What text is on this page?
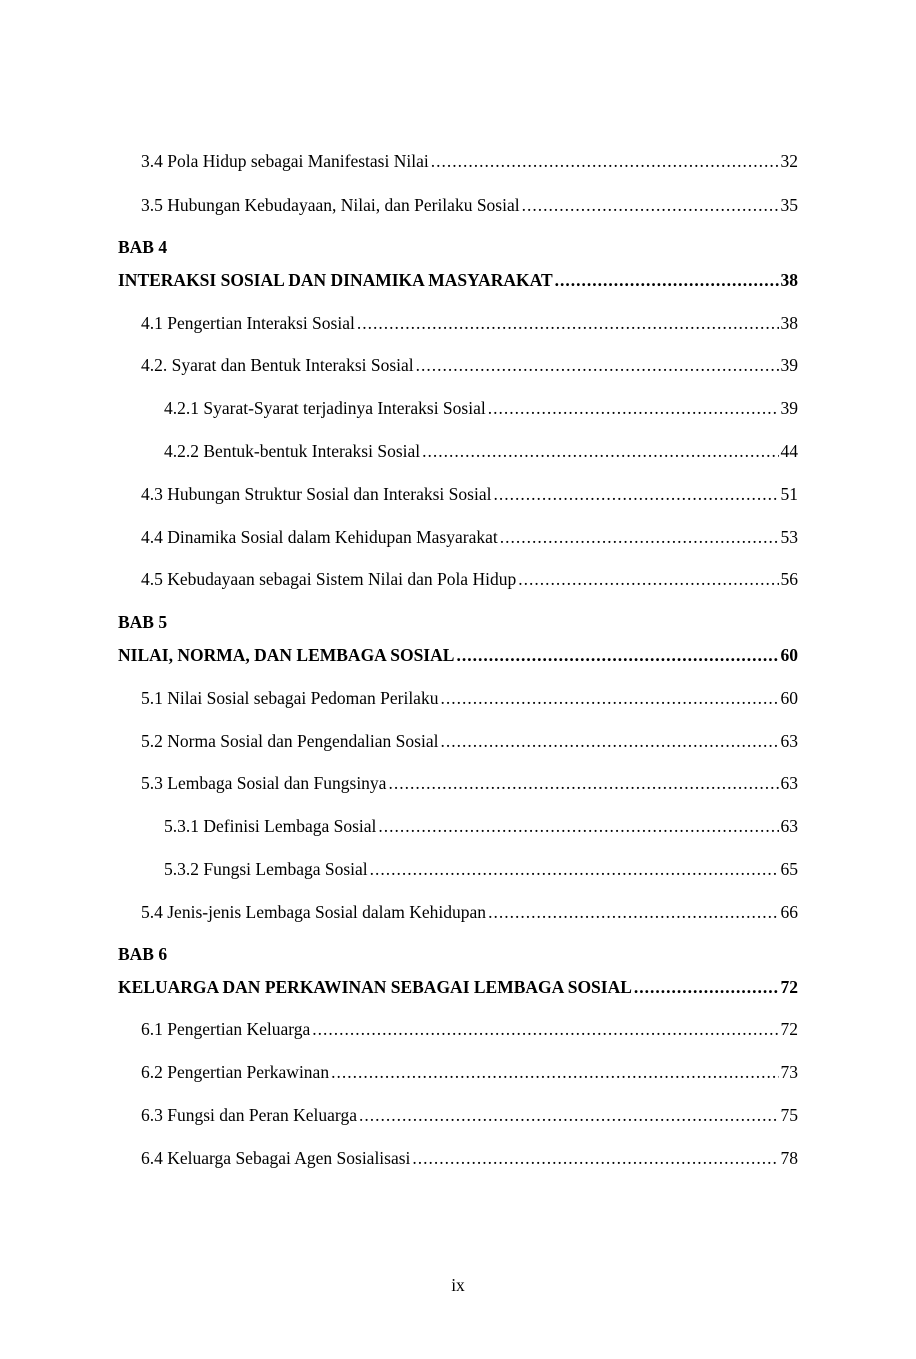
3.4 Pola Hidup sebagai Manifestasi Nilai .....	32
3.5 Hubungan Kebudayaan, Nilai, dan Perilaku Sosial .....	35
BAB 4
INTERAKSI SOSIAL DAN DINAMIKA MASYARAKAT .....	38
4.1 Pengertian Interaksi Sosial .....	38
4.2. Syarat dan Bentuk Interaksi Sosial .....	39
4.2.1 Syarat-Syarat terjadinya Interaksi Sosial .....	39
4.2.2 Bentuk-bentuk Interaksi Sosial .....	44
4.3 Hubungan Struktur Sosial dan Interaksi Sosial .....	51
4.4 Dinamika Sosial dalam Kehidupan Masyarakat .....	53
4.5 Kebudayaan sebagai Sistem Nilai dan Pola Hidup .....	56
BAB 5
NILAI, NORMA, DAN LEMBAGA SOSIAL .....	60
5.1 Nilai Sosial sebagai Pedoman Perilaku .....	60
5.2 Norma Sosial dan Pengendalian Sosial .....	63
5.3 Lembaga Sosial dan Fungsinya .....	63
5.3.1 Definisi Lembaga Sosial .....	63
5.3.2 Fungsi Lembaga Sosial .....	65
5.4 Jenis-jenis Lembaga Sosial dalam Kehidupan .....	66
BAB 6
KELUARGA DAN PERKAWINAN SEBAGAI LEMBAGA SOSIAL .....	72
6.1 Pengertian Keluarga .....	72
6.2 Pengertian Perkawinan .....	73
6.3 Fungsi dan Peran Keluarga .....	75
6.4 Keluarga Sebagai Agen Sosialisasi .....	78
ix
